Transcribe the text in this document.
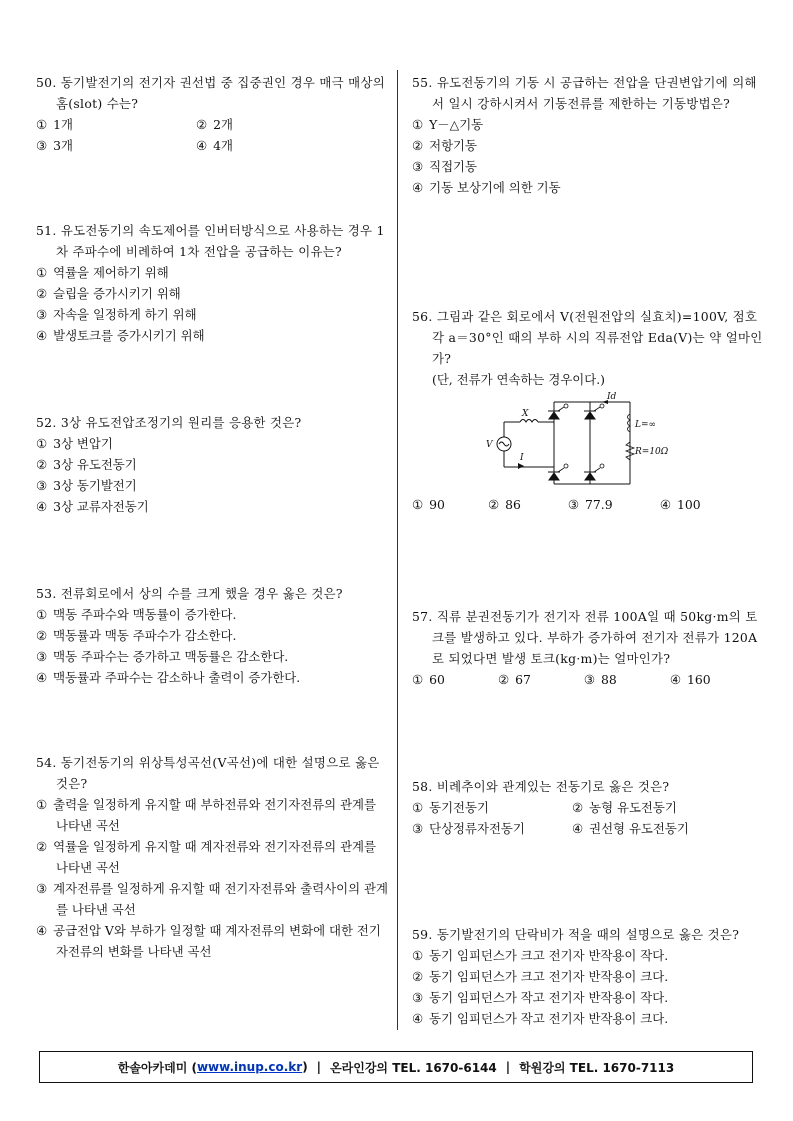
50. 동기발전기의 전기자 권선법 중 집중권인 경우 매극 매상의 홈(slot) 수는?
① 1개	② 2개
③ 3개	④ 4개
51. 유도전동기의 속도제어를 인버터방식으로 사용하는 경우 1차 주파수에 비례하여 1차 전압을 공급하는 이유는?
① 역률을 제어하기 위해
② 슬립을 증가시키기 위해
③ 자속을 일정하게 하기 위해
④ 발생토크를 증가시키기 위해
52. 3상 유도전압조정기의 원리를 응용한 것은?
① 3상 변압기
② 3상 유도전동기
③ 3상 동기발전기
④ 3상 교류자전동기
53. 전류회로에서 상의 수를 크게 했을 경우 옳은 것은?
① 맥동 주파수와 맥동률이 증가한다.
② 맥동률과 맥동 주파수가 감소한다.
③ 맥동 주파수는 증가하고 맥동률은 감소한다.
④ 맥동률과 주파수는 감소하나 출력이 증가한다.
54. 동기전동기의 위상특성곡선(V곡선)에 대한 설명으로 옳은 것은?
① 출력을 일정하게 유지할 때 부하전류와 전기자전류의 관계를 나타낸 곡선
② 역률을 일정하게 유지할 때 계자전류와 전기자전류의 관계를 나타낸 곡선
③ 계자전류를 일정하게 유지할 때 전기자전류와 출력사이의 관계를 나타낸 곡선
④ 공급전압 V와 부하가 일정할 때 계자전류의 변화에 대한 전기자전류의 변화를 나타낸 곡선
55. 유도전동기의 기동 시 공급하는 전압을 단권변압기에 의해서 일시 강하시켜서 기동전류를 제한하는 기동방법은?
① Y－△기동
② 저항기동
③ 직접기동
④ 기동 보상기에 의한 기동
56. 그림과 같은 회로에서 V(전원전압의 실효치)=100V, 점호각 a＝30°인 때의 부하 시의 직류전압 Eda(V)는 약 얼마인가?
(단, 전류가 연속하는 경우이다.)
V
X
I
Id
L=∞
R=10Ω
① 90	② 86	③ 77.9	④ 100
57. 직류 분권전동기가 전기자 전류 100A일 때 50kg·m의 토크를 발생하고 있다. 부하가 증가하여 전기자 전류가 120A로 되었다면 발생 토크(kg·m)는 얼마인가?
① 60	② 67	③ 88	④ 160
58. 비례추이와 관계있는 전동기로 옳은 것은?
① 동기전동기	② 농형 유도전동기
③ 단상정류자전동기	④ 권선형 유도전동기
59. 동기발전기의 단락비가 적을 때의 설명으로 옳은 것은?
① 동기 임피던스가 크고 전기자 반작용이 작다.
② 동기 임피던스가 크고 전기자 반작용이 크다.
③ 동기 임피던스가 작고 전기자 반작용이 작다.
④ 동기 임피던스가 작고 전기자 반작용이 크다.
한솔아카데미 ( www.inup.co.kr ) | 온라인강의 TEL. 1670-6144 | 학원강의 TEL. 1670-7113
